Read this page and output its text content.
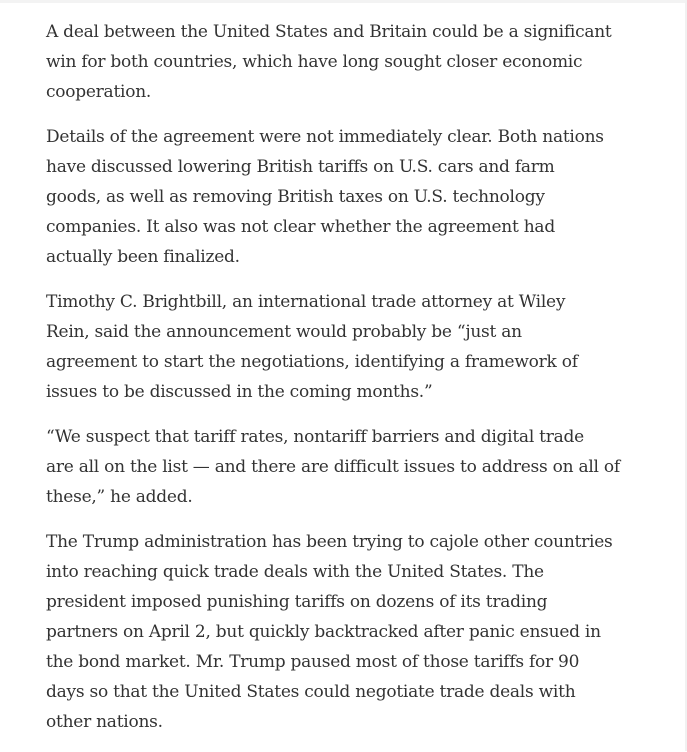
A deal between the United States and Britain could be a significant
win for both countries, which have long sought closer economic
cooperation.

Details of the agreement were not immediately clear. Both nations
have discussed lowering British tariffs on U.S. cars and farm
goods, as well as removing British taxes on U.S. technology
companies. It also was not clear whether the agreement had
actually been finalized.

Timothy C. Brightbill, an international trade attorney at Wiley
Rein, said the announcement would probably be “just an
agreement to start the negotiations, identifying a framework of
issues to be discussed in the coming months.”

“We suspect that tariff rates, nontariff barriers and digital trade
are all on the list — and there are difficult issues to address on all of
these,” he added.

The Trump administration has been trying to cajole other countries
into reaching quick trade deals with the United States. The
president imposed punishing tariffs on dozens of its trading
partners on April 2, but quickly backtracked after panic ensued in
the bond market. Mr. Trump paused most of those tariffs for 90
days so that the United States could negotiate trade deals with
other nations.
